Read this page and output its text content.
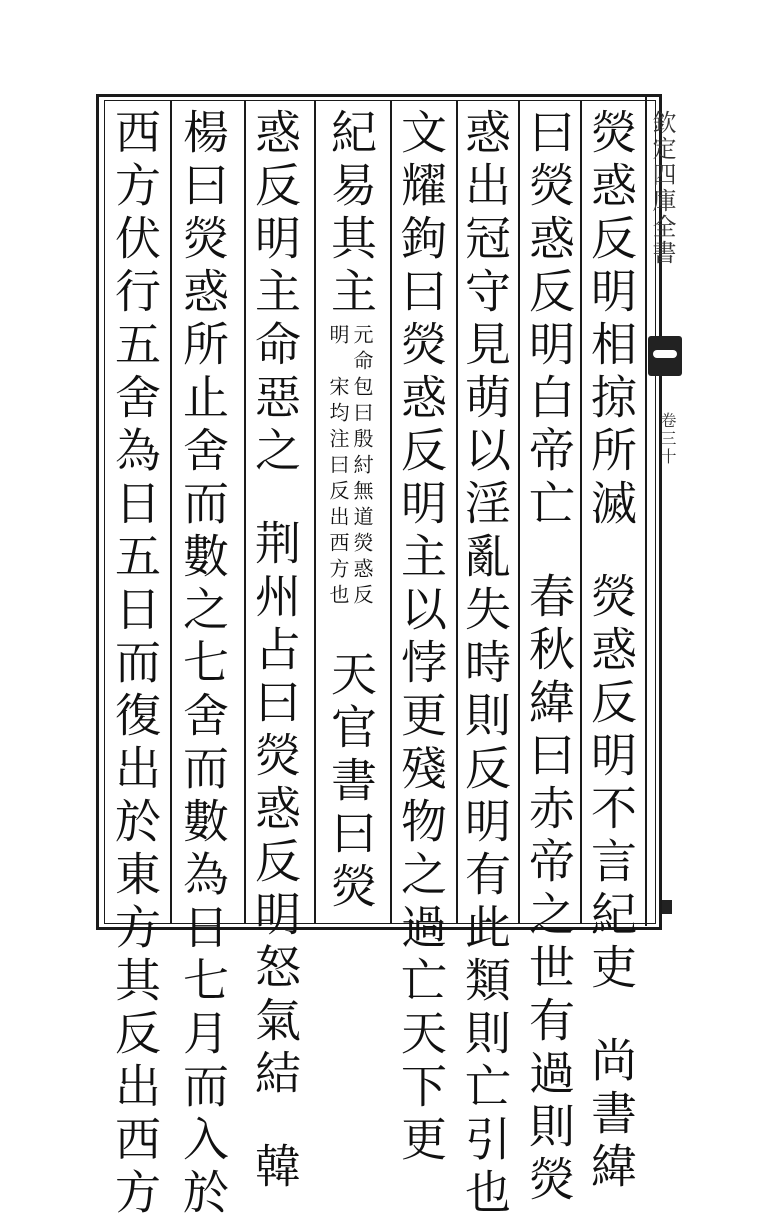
欽定四庫全書
卷三十
熒惑反明相掠所滅熒惑反明不言紀吏尚書緯
曰熒惑反明白帝亡春秋緯曰赤帝之世有過則熒
惑出冠守見萌以淫亂失時則反明有此類則亡引也
文耀鉤曰熒惑反明主以悖更殘物之過亡天下更
紀易其主元命包曰殷紂無道熒惑反
明　宋均注曰反出西方也天官書曰熒
惑反明主命惡之荆州占曰熒惑反明怒氣結韓
楊曰熒惑所止舍而數之七舍而數為日七月而入於
西方伏行五舍為日五日而復出於東方其反出西方
